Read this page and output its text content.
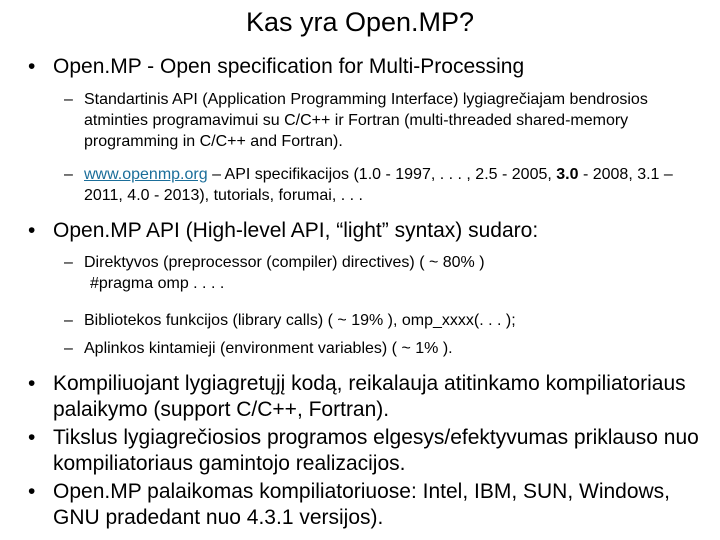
Kas yra Open.MP?
• Open.MP - Open specification for Multi-Processing
– Standartinis API (Application Programming Interface) lygiagrečiajam bendrosios atminties programavimui su C/C++ ir Fortran (multi-threaded shared-memory programming in C/C++ and Fortran).
– www.openmp.org – API specifikacijos (1.0 - 1997, . . . , 2.5 - 2005, 3.0 - 2008, 3.1 – 2011, 4.0 - 2013), tutorials, forumai, . . .
• Open.MP API (High-level API, “light” syntax) sudaro:
– Direktyvos (preprocessor (compiler) directives) ( ~ 80% )
#pragma omp . . . .
– Bibliotekos funkcijos (library calls) ( ~ 19% ), omp_xxxx(. . . );
– Aplinkos kintamieji (environment variables) ( ~ 1% ).
• Kompiliuojant lygiagretųjį kodą, reikalauja atitinkamo kompiliatoriaus palaikymo (support C/C++, Fortran).
• Tikslus lygiagrečiosios programos elgesys/efektyvumas priklauso nuo kompiliatoriaus gamintojo realizacijos.
• Open.MP palaikomas kompiliatoriuose: Intel, IBM, SUN, Windows, GNU pradedant nuo 4.3.1 versijos).
